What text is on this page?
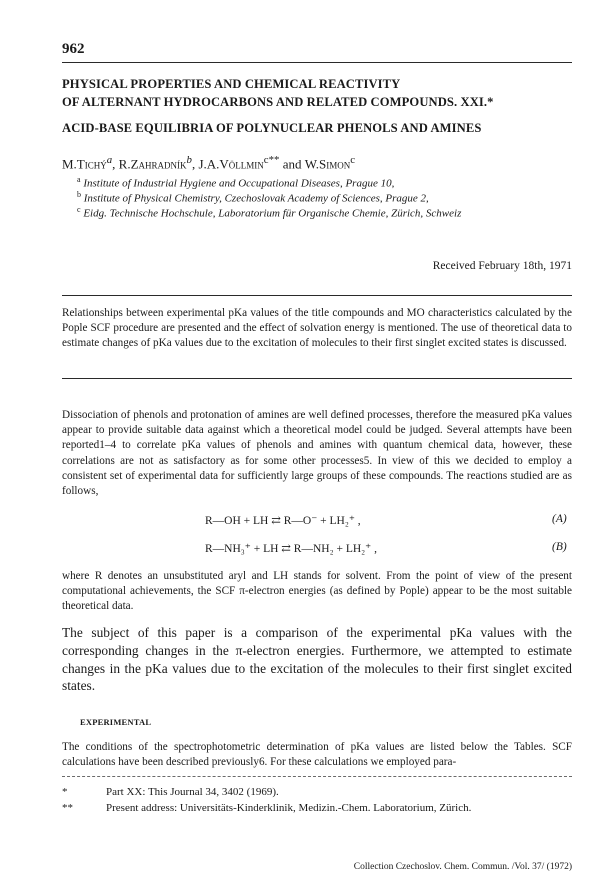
962
PHYSICAL PROPERTIES AND CHEMICAL REACTIVITY
OF ALTERNANT HYDROCARBONS AND RELATED COMPOUNDS. XXI.*
ACID-BASE EQUILIBRIA OF POLYNUCLEAR PHENOLS AND AMINES
M.Tichý$^a$, R.Zahradník$^b$, J.A.Völlmin$^{c**}$ and W.Simon$^c$
$^a$ Institute of Industrial Hygiene and Occupational Diseases, Prague 10,
$^b$ Institute of Physical Chemistry, Czechoslovak Academy of Sciences, Prague 2,
$^c$ Eidg. Technische Hochschule, Laboratorium für Organische Chemie, Zürich, Schweiz
Received February 18th, 1971
Relationships between experimental pKa values of the title compounds and MO characteristics calculated by the Pople SCF procedure are presented and the effect of solvation energy is mentioned. The use of theoretical data to estimate changes of pKa values due to the excitation of molecules to their first singlet excited states is discussed.
Dissociation of phenols and protonation of amines are well defined processes, therefore the measured pKa values appear to provide suitable data against which a theoretical model could be judged. Several attempts have been reported1–4 to correlate pKa values of phenols and amines with quantum chemical data, however, these correlations are not as satisfactory as for some other processes5. In view of this we decided to employ a consistent set of experimental data for sufficiently large groups of these compounds. The reactions studied are as follows,
R—OH + LH ⇄ R—O⁻ + LH₂⁺ ,	(A)
R—NH₃⁺ + LH ⇄ R—NH₂ + LH₂⁺ ,	(B)
where R denotes an unsubstituted aryl and LH stands for solvent. From the point of view of the present computational achievements, the SCF π-electron energies (as defined by Pople) appear to be the most suitable theoretical data.
The subject of this paper is a comparison of the experimental pKa values with the corresponding changes in the π-electron energies. Furthermore, we attempted to estimate changes in the pKa values due to the excitation of the molecules to their first singlet excited states.
EXPERIMENTAL
The conditions of the spectrophotometric determination of pKa values are listed below the Tables. SCF calculations have been described previously6. For these calculations we employed para-
*	Part XX: This Journal 34, 3402 (1969).
**	Present address: Universitäts-Kinderklinik, Medizin.-Chem. Laboratorium, Zürich.
Collection Czechoslov. Chem. Commun. /Vol. 37/ (1972)
